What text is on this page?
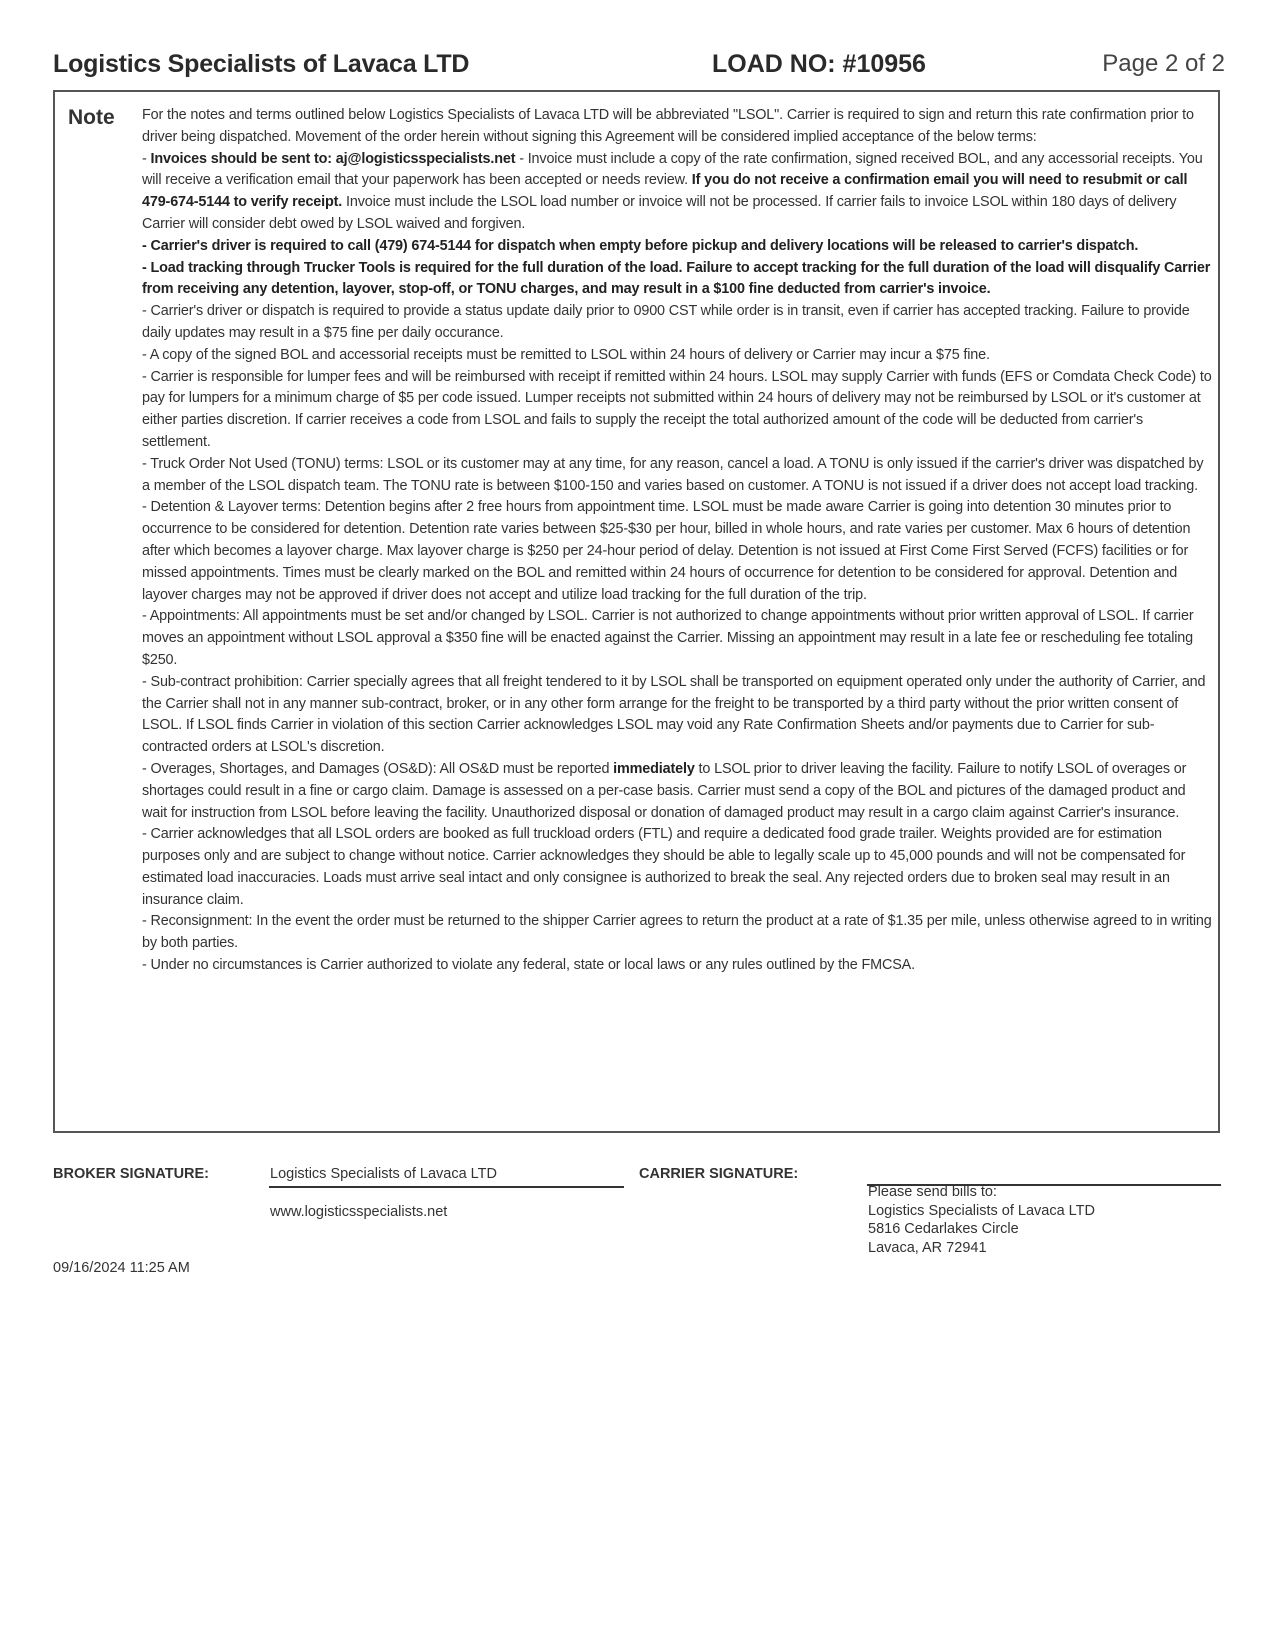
Logistics Specialists of Lavaca LTD	LOAD NO: #10956	Page 2 of 2
Note For the notes and terms outlined below Logistics Specialists of Lavaca LTD will be abbreviated "LSOL". Carrier is required to sign and return this rate confirmation prior to driver being dispatched. Movement of the order herein without signing this Agreement will be considered implied acceptance of the below terms:

- Invoices should be sent to: aj@logisticsspecialists.net - Invoice must include a copy of the rate confirmation, signed received BOL, and any accessorial receipts. You will receive a verification email that your paperwork has been accepted or needs review. If you do not receive a confirmation email you will need to resubmit or call 479-674-5144 to verify receipt. Invoice must include the LSOL load number or invoice will not be processed. If carrier fails to invoice LSOL within 180 days of delivery Carrier will consider debt owed by LSOL waived and forgiven.

- Carrier's driver is required to call (479) 674-5144 for dispatch when empty before pickup and delivery locations will be released to carrier's dispatch.

- Load tracking through Trucker Tools is required for the full duration of the load. Failure to accept tracking for the full duration of the load will disqualify Carrier from receiving any detention, layover, stop-off, or TONU charges, and may result in a $100 fine deducted from carrier's invoice.

- Carrier's driver or dispatch is required to provide a status update daily prior to 0900 CST while order is in transit, even if carrier has accepted tracking. Failure to provide daily updates may result in a $75 fine per daily occurance.

- A copy of the signed BOL and accessorial receipts must be remitted to LSOL within 24 hours of delivery or Carrier may incur a $75 fine.

- Carrier is responsible for lumper fees and will be reimbursed with receipt if remitted within 24 hours. LSOL may supply Carrier with funds (EFS or Comdata Check Code) to pay for lumpers for a minimum charge of $5 per code issued. Lumper receipts not submitted within 24 hours of delivery may not be reimbursed by LSOL or it's customer at either parties discretion. If carrier receives a code from LSOL and fails to supply the receipt the total authorized amount of the code will be deducted from carrier's settlement.

- Truck Order Not Used (TONU) terms: LSOL or its customer may at any time, for any reason, cancel a load. A TONU is only issued if the carrier's driver was dispatched by a member of the LSOL dispatch team. The TONU rate is between $100-150 and varies based on customer. A TONU is not issued if a driver does not accept load tracking.

- Detention & Layover terms: Detention begins after 2 free hours from appointment time. LSOL must be made aware Carrier is going into detention 30 minutes prior to occurrence to be considered for detention. Detention rate varies between $25-$30 per hour, billed in whole hours, and rate varies per customer. Max 6 hours of detention after which becomes a layover charge. Max layover charge is $250 per 24-hour period of delay. Detention is not issued at First Come First Served (FCFS) facilities or for missed appointments. Times must be clearly marked on the BOL and remitted within 24 hours of occurrence for detention to be considered for approval. Detention and layover charges may not be approved if driver does not accept and utilize load tracking for the full duration of the trip.

- Appointments: All appointments must be set and/or changed by LSOL. Carrier is not authorized to change appointments without prior written approval of LSOL. If carrier moves an appointment without LSOL approval a $350 fine will be enacted against the Carrier. Missing an appointment may result in a late fee or rescheduling fee totaling $250.

- Sub-contract prohibition: Carrier specially agrees that all freight tendered to it by LSOL shall be transported on equipment operated only under the authority of Carrier, and the Carrier shall not in any manner sub-contract, broker, or in any other form arrange for the freight to be transported by a third party without the prior written consent of LSOL. If LSOL finds Carrier in violation of this section Carrier acknowledges LSOL may void any Rate Confirmation Sheets and/or payments due to Carrier for sub-contracted orders at LSOL's discretion.

- Overages, Shortages, and Damages (OS&D): All OS&D must be reported immediately to LSOL prior to driver leaving the facility. Failure to notify LSOL of overages or shortages could result in a fine or cargo claim. Damage is assessed on a per-case basis. Carrier must send a copy of the BOL and pictures of the damaged product and wait for instruction from LSOL before leaving the facility. Unauthorized disposal or donation of damaged product may result in a cargo claim against Carrier's insurance.

- Carrier acknowledges that all LSOL orders are booked as full truckload orders (FTL) and require a dedicated food grade trailer. Weights provided are for estimation purposes only and are subject to change without notice. Carrier acknowledges they should be able to legally scale up to 45,000 pounds and will not be compensated for estimated load inaccuracies. Loads must arrive seal intact and only consignee is authorized to break the seal. Any rejected orders due to broken seal may result in an insurance claim.

- Reconsignment: In the event the order must be returned to the shipper Carrier agrees to return the product at a rate of $1.35 per mile, unless otherwise agreed to in writing by both parties.

- Under no circumstances is Carrier authorized to violate any federal, state or local laws or any rules outlined by the FMCSA.

BROKER SIGNATURE:	Logistics Specialists of Lavaca LTD
www.logisticsspecialists.net
CARRIER SIGNATURE:
Please send bills to:
Logistics Specialists of Lavaca LTD
5816 Cedarlakes Circle
Lavaca, AR 72941
09/16/2024 11:25 AM
